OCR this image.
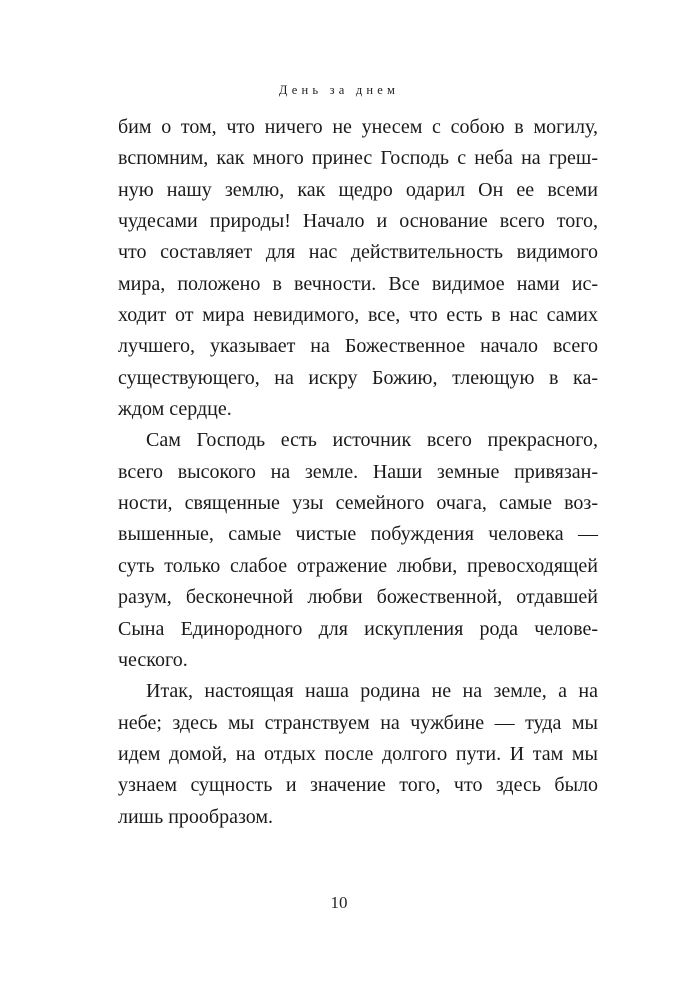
День за днем
бим о том, что ничего не унесем с собою в могилу,
вспомним, как много принес Господь с неба на греш-
ную нашу землю, как щедро одарил Он ее всеми
чудесами природы! Начало и основание всего того,
что составляет для нас действительность видимого
мира, положено в вечности. Все видимое нами ис-
ходит от мира невидимого, все, что есть в нас самих
лучшего, указывает на Божественное начало всего
существующего, на искру Божию, тлеющую в ка-
ждом сердце.
Сам Господь есть источник всего прекрасного,
всего высокого на земле. Наши земные привязан-
ности, священные узы семейного очага, самые воз-
вышенные, самые чистые побуждения человека —
суть только слабое отражение любви, превосходящей
разум, бесконечной любви божественной, отдавшей
Сына Единородного для искупления рода челове-
ческого.
Итак, настоящая наша родина не на земле, а на
небе; здесь мы странствуем на чужбине — туда мы
идем домой, на отдых после долгого пути. И там мы
узнаем сущность и значение того, что здесь было
лишь прообразом.
10
